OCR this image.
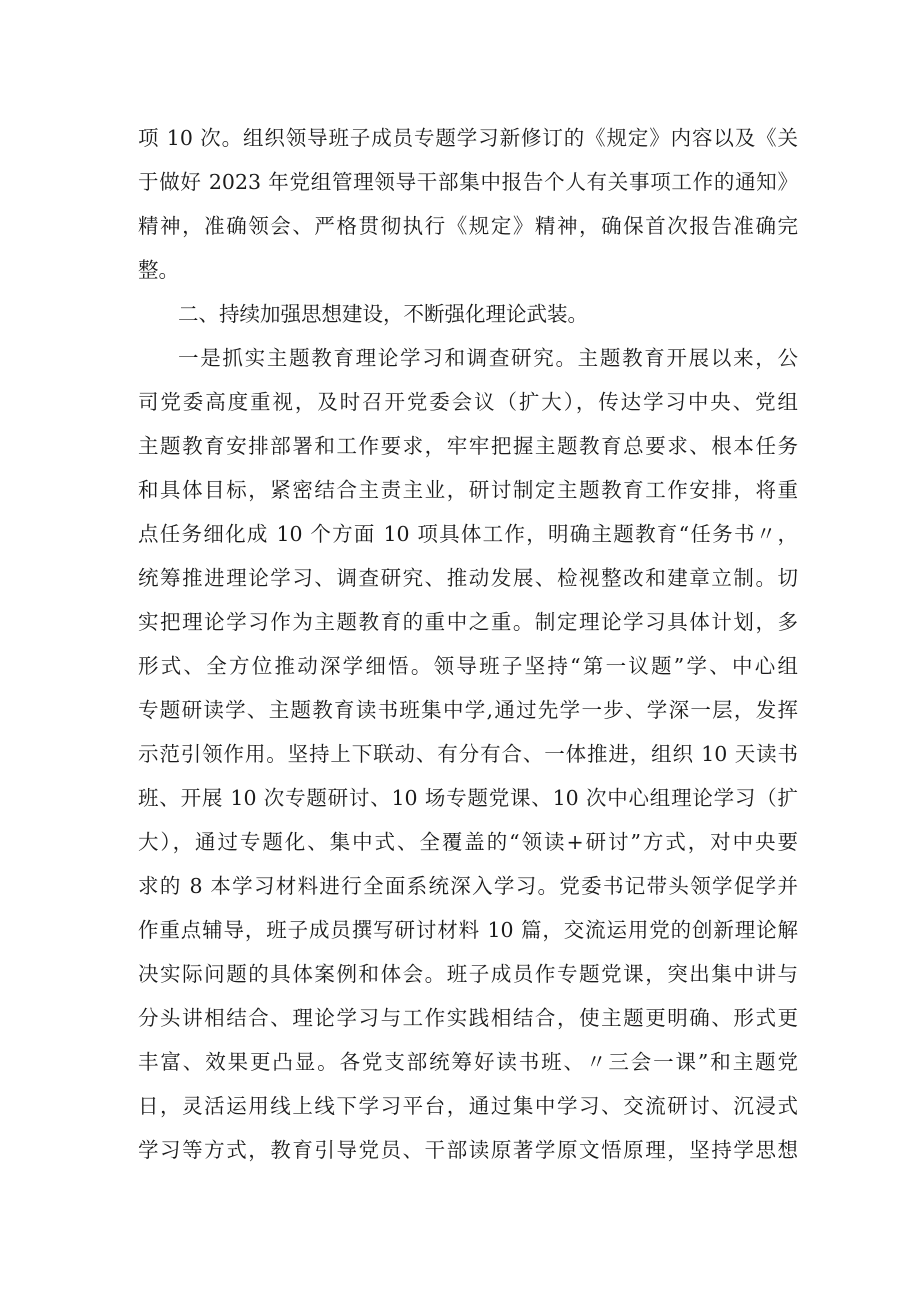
项 10 次。组织领导班子成员专题学习新修订的《规定》内容以及《关
于做好 2023 年党组管理领导干部集中报告个人有关事项工作的通知》
精神，准确领会、严格贯彻执行《规定》精神，确保首次报告准确完
整。
二、持续加强思想建设，不断强化理论武装。
一是抓实主题教育理论学习和调查研究。主题教育开展以来，公
司党委高度重视，及时召开党委会议（扩大），传达学习中央、党组
主题教育安排部署和工作要求，牢牢把握主题教育总要求、根本任务
和具体目标，紧密结合主责主业，研讨制定主题教育工作安排，将重
点任务细化成 10 个方面 10 项具体工作，明确主题教育“任务书〃，
统筹推进理论学习、调查研究、推动发展、检视整改和建章立制。切
实把理论学习作为主题教育的重中之重。制定理论学习具体计划，多
形式、全方位推动深学细悟。领导班子坚持“第一议题”学、中心组
专题研读学、主题教育读书班集中学,通过先学一步、学深一层，发挥
示范引领作用。坚持上下联动、有分有合、一体推进，组织 10 天读书
班、开展 10 次专题研讨、10 场专题党课、10 次中心组理论学习（扩
大），通过专题化、集中式、全覆盖的“领读+研讨”方式，对中央要
求的 8 本学习材料进行全面系统深入学习。党委书记带头领学促学并
作重点辅导，班子成员撰写研讨材料 10 篇，交流运用党的创新理论解
决实际问题的具体案例和体会。班子成员作专题党课，突出集中讲与
分头讲相结合、理论学习与工作实践相结合，使主题更明确、形式更
丰富、效果更凸显。各党支部统筹好读书班、〃三会一课”和主题党
日，灵活运用线上线下学习平台，通过集中学习、交流研讨、沉浸式
学习等方式，教育引导党员、干部读原著学原文悟原理，坚持学思想
